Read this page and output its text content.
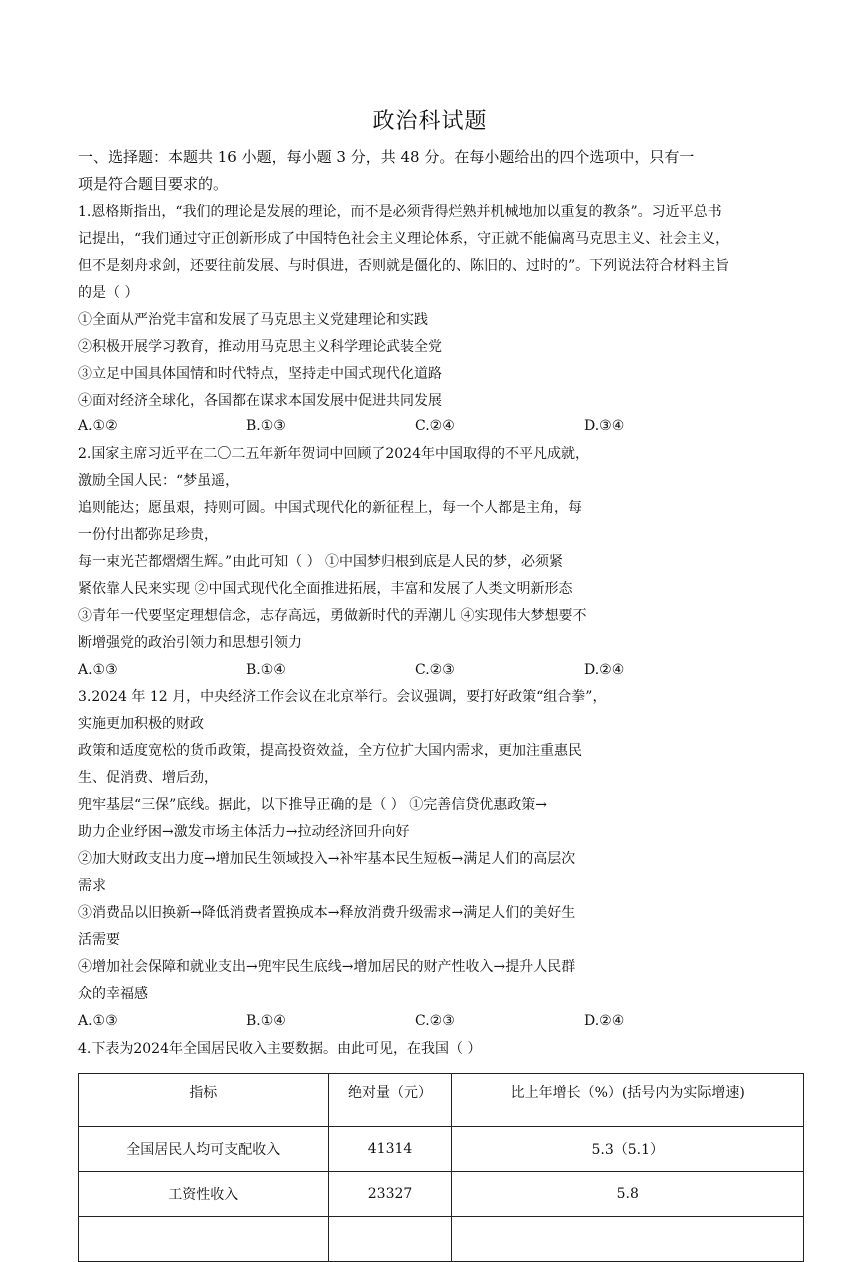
政治科试题
一、选择题：本题共 16 小题，每小题 3 分，共 48 分。在每小题给出的四个选项中，只有一
项是符合题目要求的。
1.恩格斯指出，“我们的理论是发展的理论，而不是必须背得烂熟并机械地加以重复的教条”。习近平总书
记提出，“我们通过守正创新形成了中国特色社会主义理论体系，守正就不能偏离马克思主义、社会主义，
但不是刻舟求剑，还要往前发展、与时俱进，否则就是僵化的、陈旧的、过时的”。下列说法符合材料主旨
的是（ ）
①全面从严治党丰富和发展了马克思主义党建理论和实践
②积极开展学习教育，推动用马克思主义科学理论武装全党
③立足中国具体国情和时代特点，坚持走中国式现代化道路
④面对经济全球化，各国都在谋求本国发展中促进共同发展
A.①②	B.①③	C.②④	D.③④
2.国家主席习近平在二〇二五年新年贺词中回顾了2024年中国取得的不平凡成就，
激励全国人民：“梦虽遥，
追则能达；愿虽艰，持则可圆。中国式现代化的新征程上，每一个人都是主角，每
一份付出都弥足珍贵，
每一束光芒都熠熠生辉。”由此可知（ ） ①中国梦归根到底是人民的梦，必须紧
紧依靠人民来实现 ②中国式现代化全面推进拓展，丰富和发展了人类文明新形态
③青年一代要坚定理想信念，志存高远，勇做新时代的弄潮儿 ④实现伟大梦想要不
断增强党的政治引领力和思想引领力
A.①③	B.①④	C.②③	D.②④
3.2024 年 12 月，中央经济工作会议在北京举行。会议强调，要打好政策“组合拳”，
实施更加积极的财政
政策和适度宽松的货币政策，提高投资效益，全方位扩大国内需求，更加注重惠民
生、促消费、增后劲，
兜牢基层“三保”底线。据此，以下推导正确的是（ ） ①完善信贷优惠政策→
助力企业纾困→激发市场主体活力→拉动经济回升向好
②加大财政支出力度→增加民生领域投入→补牢基本民生短板→满足人们的高层次
需求
③消费品以旧换新→降低消费者置换成本→释放消费升级需求→满足人们的美好生
活需要
④增加社会保障和就业支出→兜牢民生底线→增加居民的财产性收入→提升人民群
众的幸福感
A.①③	B.①④	C.②③	D.②④
4.下表为2024年全国居民收入主要数据。由此可见，在我国（ ）
指标	绝对量（元）	比上年增长（%）(括号内为实际增速)
全国居民人均可支配收入	41314	5.3（5.1）
工资性收入	23327	5.8
